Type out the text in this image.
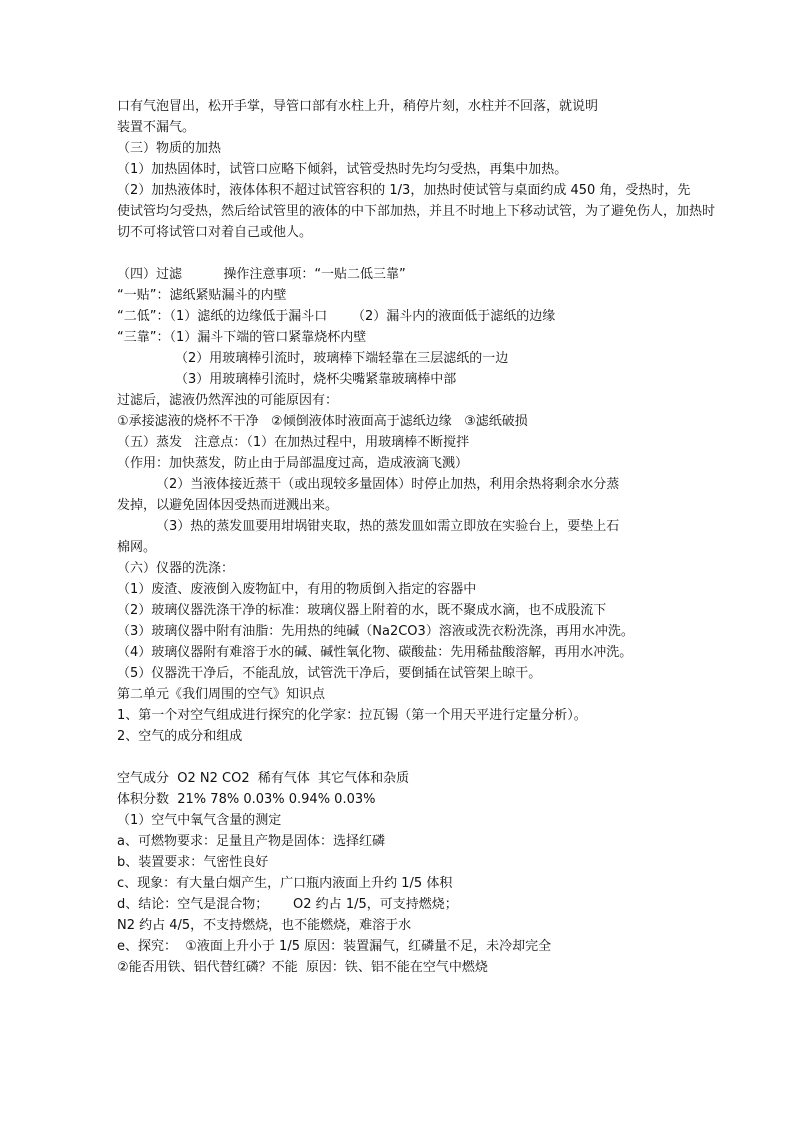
口有气泡冒出，松开手掌，导管口部有水柱上升，稍停片刻，水柱并不回落，就说明
装置不漏气。
（三）物质的加热
（1）加热固体时，试管口应略下倾斜，试管受热时先均匀受热，再集中加热。
（2）加热液体时，液体体积不超过试管容积的 1/3，加热时使试管与桌面约成 450 角，受热时，先
使试管均匀受热，然后给试管里的液体的中下部加热，并且不时地上下移动试管，为了避免伤人，加热时
切不可将试管口对着自己或他人。
（四）过滤          操作注意事项：“一贴二低三靠”
“一贴”：滤纸紧贴漏斗的内壁
“二低”：（1）滤纸的边缘低于漏斗口      （2）漏斗内的液面低于滤纸的边缘
“三靠”：（1）漏斗下端的管口紧靠烧杯内壁
（2）用玻璃棒引流时，玻璃棒下端轻靠在三层滤纸的一边
（3）用玻璃棒引流时，烧杯尖嘴紧靠玻璃棒中部
过滤后，滤液仍然浑浊的可能原因有：
①承接滤液的烧杯不干净   ②倾倒液体时液面高于滤纸边缘   ③滤纸破损
（五）蒸发   注意点：（1）在加热过程中，用玻璃棒不断搅拌
（作用：加快蒸发，防止由于局部温度过高，造成液滴飞溅）
（2）当液体接近蒸干（或出现较多量固体）时停止加热，利用余热将剩余水分蒸
发掉，以避免固体因受热而迸溅出来。
（3）热的蒸发皿要用坩埚钳夹取，热的蒸发皿如需立即放在实验台上，要垫上石
棉网。
（六）仪器的洗涤：
（1）废渣、废液倒入废物缸中，有用的物质倒入指定的容器中
（2）玻璃仪器洗涤干净的标准：玻璃仪器上附着的水，既不聚成水滴，也不成股流下
（3）玻璃仪器中附有油脂：先用热的纯碱（Na2CO3）溶液或洗衣粉洗涤，再用水冲洗。
（4）玻璃仪器附有难溶于水的碱、碱性氧化物、碳酸盐：先用稀盐酸溶解，再用水冲洗。
（5）仪器洗干净后，不能乱放，试管洗干净后，要倒插在试管架上晾干。
第二单元《我们周围的空气》知识点
1、第一个对空气组成进行探究的化学家：拉瓦锡（第一个用天平进行定量分析）。
2、空气的成分和组成
空气成分  O2 N2 CO2  稀有气体  其它气体和杂质
体积分数  21% 78% 0.03% 0.94% 0.03%
（1）空气中氧气含量的测定
a、可燃物要求：足量且产物是固体：选择红磷
b、装置要求：气密性良好
c、现象：有大量白烟产生，广口瓶内液面上升约 1/5 体积
d、结论：空气是混合物；      O2 约占 1/5，可支持燃烧；
N2 约占 4/5，不支持燃烧，也不能燃烧，难溶于水
e、探究：  ①液面上升小于 1/5 原因：装置漏气，红磷量不足，未冷却完全
②能否用铁、铝代替红磷？不能  原因：铁、铝不能在空气中燃烧
